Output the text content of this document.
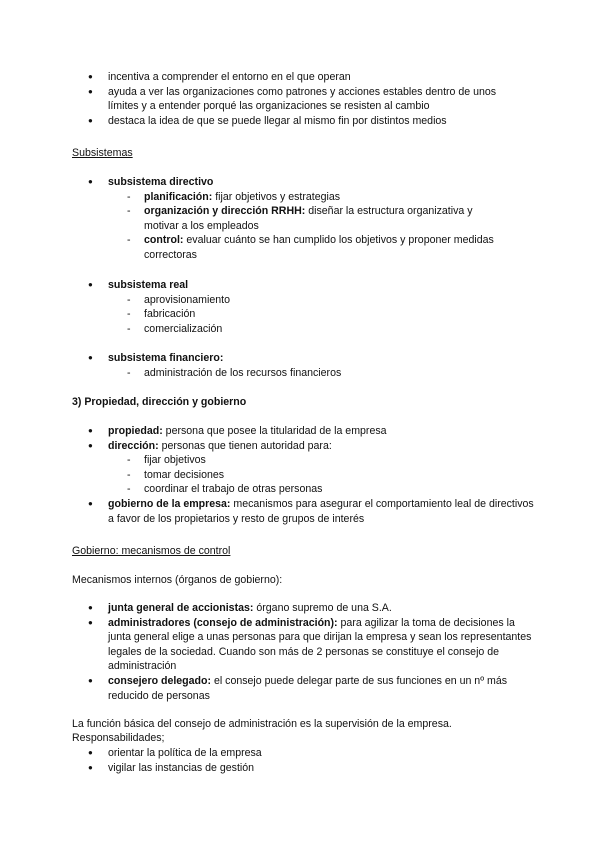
● incentiva a comprender el entorno en el que operan
● ayuda a ver las organizaciones como patrones y acciones estables dentro de unos límites y a entender porqué las organizaciones se resisten al cambio
● destaca la idea de que se puede llegar al mismo fin por distintos medios
Subsistemas
● subsistema directivo
- planificación: fijar objetivos y estrategias
- organización y dirección RRHH: diseñar la estructura organizativa y motivar a los empleados
- control: evaluar cuánto se han cumplido los objetivos y proponer medidas correctoras
● subsistema real
- aprovisionamiento
- fabricación
- comercialización
● subsistema financiero:
- administración de los recursos financieros
3) Propiedad, dirección y gobierno
● propiedad: persona que posee la titularidad de la empresa
● dirección: personas que tienen autoridad para:
- fijar objetivos
- tomar decisiones
- coordinar el trabajo de otras personas
● gobierno de la empresa: mecanismos para asegurar el comportamiento leal de directivos a favor de los propietarios y resto de grupos de interés
Gobierno: mecanismos de control
Mecanismos internos (órganos de gobierno):
● junta general de accionistas: órgano supremo de una S.A.
● administradores (consejo de administración): para agilizar la toma de decisiones la junta general elige a unas personas para que dirijan la empresa y sean los representantes legales de la sociedad. Cuando son más de 2 personas se constituye el consejo de administración
● consejero delegado: el consejo puede delegar parte de sus funciones en un nº más reducido de personas
La función básica del consejo de administración es la supervisión de la empresa.
Responsabilidades;
● orientar la política de la empresa
● vigilar las instancias de gestión
